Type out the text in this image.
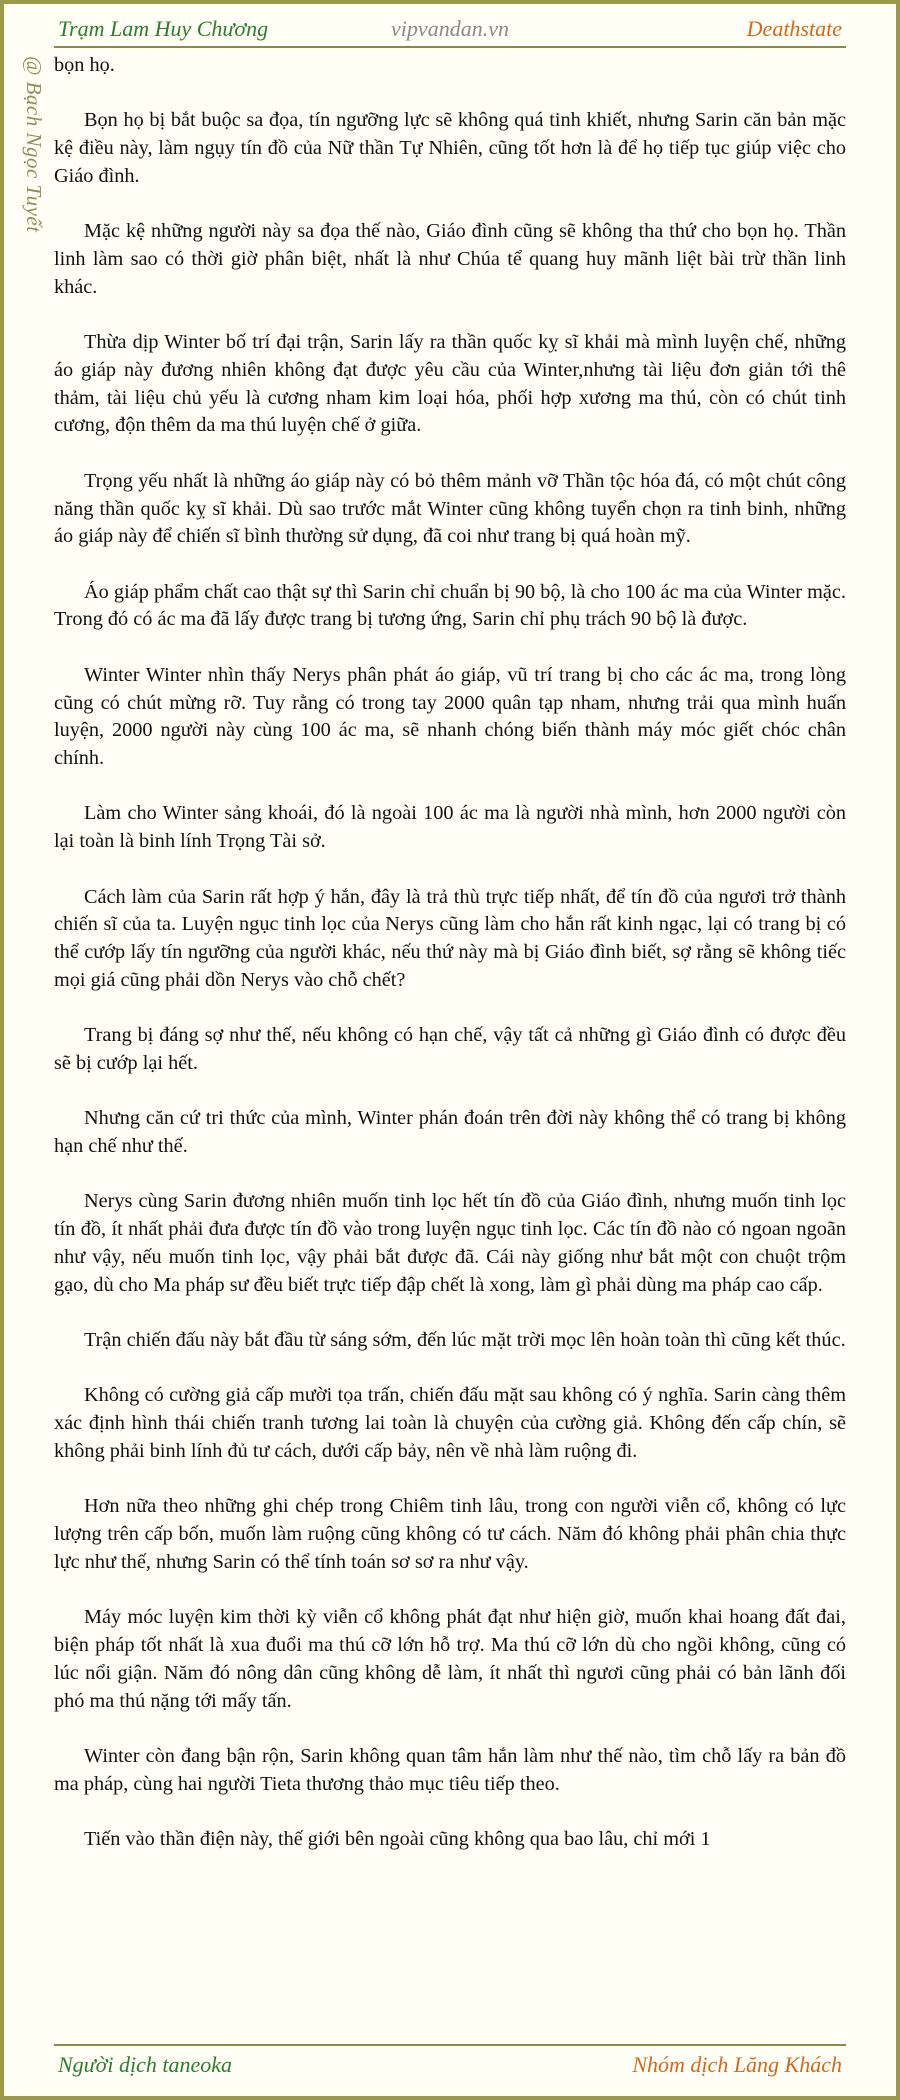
Trạm Lam Huy Chương	vipvandan.vn	Deathstate
@ Bạch Ngọc Tuyết bọn họ.

Bọn họ bị bắt buộc sa đọa, tín ngưỡng lực sẽ không quá tinh khiết, nhưng Sarin căn bản mặc kệ điều này, làm ngụy tín đồ của Nữ thần Tự Nhiên, cũng tốt hơn là để họ tiếp tục giúp việc cho Giáo đình.

Mặc kệ những người này sa đọa thế nào, Giáo đình cũng sẽ không tha thứ cho bọn họ. Thần linh làm sao có thời giờ phân biệt, nhất là như Chúa tể quang huy mãnh liệt bài trừ thần linh khác.

Thừa dịp Winter bố trí đại trận, Sarin lấy ra thần quốc kỵ sĩ khải mà mình luyện chế, những áo giáp này đương nhiên không đạt được yêu cầu của Winter,nhưng tài liệu đơn giản tới thê thảm, tài liệu chủ yếu là cương nham kim loại hóa, phối hợp xương ma thú, còn có chút tinh cương, độn thêm da ma thú luyện chế ở giữa.

Trọng yếu nhất là những áo giáp này có bỏ thêm mảnh vỡ Thần tộc hóa đá, có một chút công năng thần quốc kỵ sĩ khải. Dù sao trước mắt Winter cũng không tuyển chọn ra tinh binh, những áo giáp này để chiến sĩ bình thường sử dụng, đã coi như trang bị quá hoàn mỹ.

Áo giáp phẩm chất cao thật sự thì Sarin chỉ chuẩn bị 90 bộ, là cho 100 ác ma của Winter mặc. Trong đó có ác ma đã lấy được trang bị tương ứng, Sarin chỉ phụ trách 90 bộ là được.

Winter Winter nhìn thấy Nerys phân phát áo giáp, vũ trí trang bị cho các ác ma, trong lòng cũng có chút mừng rỡ. Tuy rằng có trong tay 2000 quân tạp nham, nhưng trải qua mình huấn luyện, 2000 người này cùng 100 ác ma, sẽ nhanh chóng biến thành máy móc giết chóc chân chính.

Làm cho Winter sảng khoái, đó là ngoài 100 ác ma là người nhà mình, hơn 2000 người còn lại toàn là binh lính Trọng Tài sở.

Cách làm của Sarin rất hợp ý hắn, đây là trả thù trực tiếp nhất, để tín đồ của ngươi trở thành chiến sĩ của ta. Luyện ngục tinh lọc của Nerys cũng làm cho hắn rất kinh ngạc, lại có trang bị có thể cướp lấy tín ngưỡng của người khác, nếu thứ này mà bị Giáo đình biết, sợ rằng sẽ không tiếc mọi giá cũng phải dồn Nerys vào chỗ chết?

Trang bị đáng sợ như thế, nếu không có hạn chế, vậy tất cả những gì Giáo đình có được đều sẽ bị cướp lại hết.

Nhưng căn cứ tri thức của mình, Winter phán đoán trên đời này không thể có trang bị không hạn chế như thế.

Nerys cùng Sarin đương nhiên muốn tinh lọc hết tín đồ của Giáo đình, nhưng muốn tinh lọc tín đồ, ít nhất phải đưa được tín đồ vào trong luyện ngục tinh lọc. Các tín đồ nào có ngoan ngoãn như vậy, nếu muốn tinh lọc, vậy phải bắt được đã. Cái này giống như bắt một con chuột trộm gạo, dù cho Ma pháp sư đều biết trực tiếp đập chết là xong, làm gì phải dùng ma pháp cao cấp.

Trận chiến đấu này bắt đầu từ sáng sớm, đến lúc mặt trời mọc lên hoàn toàn thì cũng kết thúc.

Không có cường giả cấp mười tọa trấn, chiến đấu mặt sau không có ý nghĩa. Sarin càng thêm xác định hình thái chiến tranh tương lai toàn là chuyện của cường giả. Không đến cấp chín, sẽ không phải binh lính đủ tư cách, dưới cấp bảy, nên về nhà làm ruộng đi.

Hơn nữa theo những ghi chép trong Chiêm tinh lâu, trong con người viễn cổ, không có lực lượng trên cấp bốn, muốn làm ruộng cũng không có tư cách. Năm đó không phải phân chia thực lực như thế, nhưng Sarin có thể tính toán sơ sơ ra như vậy.

Máy móc luyện kim thời kỳ viễn cổ không phát đạt như hiện giờ, muốn khai hoang đất đai, biện pháp tốt nhất là xua đuổi ma thú cỡ lớn hỗ trợ. Ma thú cỡ lớn dù cho ngồi không, cũng có lúc nổi giận. Năm đó nông dân cũng không dễ làm, ít nhất thì ngươi cũng phải có bản lãnh đối phó ma thú nặng tới mấy tấn.

Winter còn đang bận rộn, Sarin không quan tâm hắn làm như thế nào, tìm chỗ lấy ra bản đồ ma pháp, cùng hai người Tieta thương thảo mục tiêu tiếp theo.

Tiến vào thần điện này, thế giới bên ngoài cũng không qua bao lâu, chỉ mới 1

Người dịch taneoka	Nhóm dịch Lăng Khách
